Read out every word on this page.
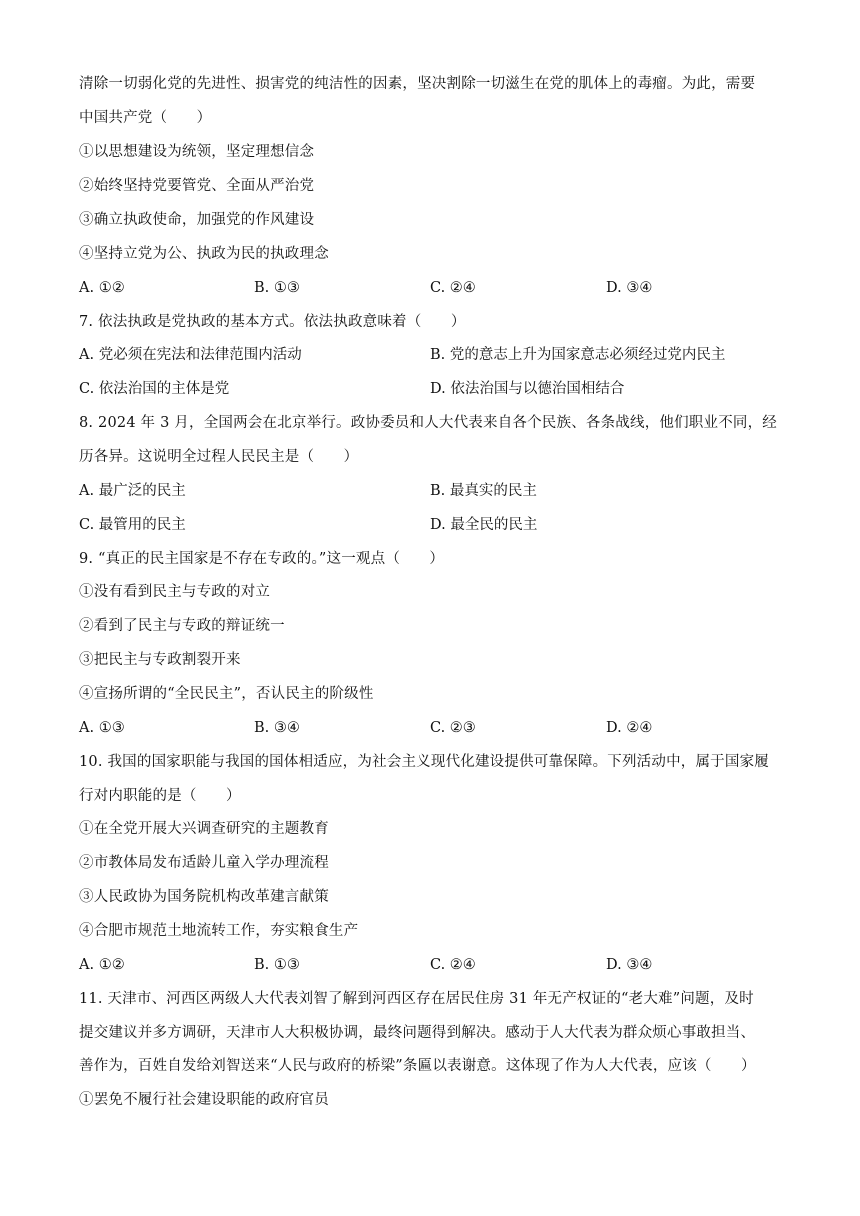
清除一切弱化党的先进性、损害党的纯洁性的因素，坚决割除一切滋生在党的肌体上的毒瘤。为此，需要
中国共产党（　　）
①以思想建设为统领，坚定理想信念
②始终坚持党要管党、全面从严治党
③确立执政使命，加强党的作风建设
④坚持立党为公、执政为民的执政理念
A. ①②	B. ①③	C. ②④	D. ③④
7. 依法执政是党执政的基本方式。依法执政意味着（　　）
A. 党必须在宪法和法律范围内活动	B. 党的意志上升为国家意志必须经过党内民主
C. 依法治国的主体是党	D. 依法治国与以德治国相结合
8. 2024 年 3 月，全国两会在北京举行。政协委员和人大代表来自各个民族、各条战线，他们职业不同，经
历各异。这说明全过程人民民主是（　　）
A. 最广泛的民主	B. 最真实的民主
C. 最管用的民主	D. 最全民的民主
9. “真正的民主国家是不存在专政的。”这一观点（　　）
①没有看到民主与专政的对立
②看到了民主与专政的辩证统一
③把民主与专政割裂开来
④宣扬所谓的“全民民主”，否认民主的阶级性
A. ①③	B. ③④	C. ②③	D. ②④
10. 我国的国家职能与我国的国体相适应，为社会主义现代化建设提供可靠保障。下列活动中，属于国家履
行对内职能的是（　　）
①在全党开展大兴调查研究的主题教育
②市教体局发布适龄儿童入学办理流程
③人民政协为国务院机构改革建言献策
④合肥市规范土地流转工作，夯实粮食生产
A. ①②	B. ①③	C. ②④	D. ③④
11. 天津市、河西区两级人大代表刘智了解到河西区存在居民住房 31 年无产权证的“老大难”问题，及时
提交建议并多方调研，天津市人大积极协调，最终问题得到解决。感动于人大代表为群众烦心事敢担当、
善作为，百姓自发给刘智送来“人民与政府的桥梁”条匾以表谢意。这体现了作为人大代表，应该（　　）
①罢免不履行社会建设职能的政府官员
